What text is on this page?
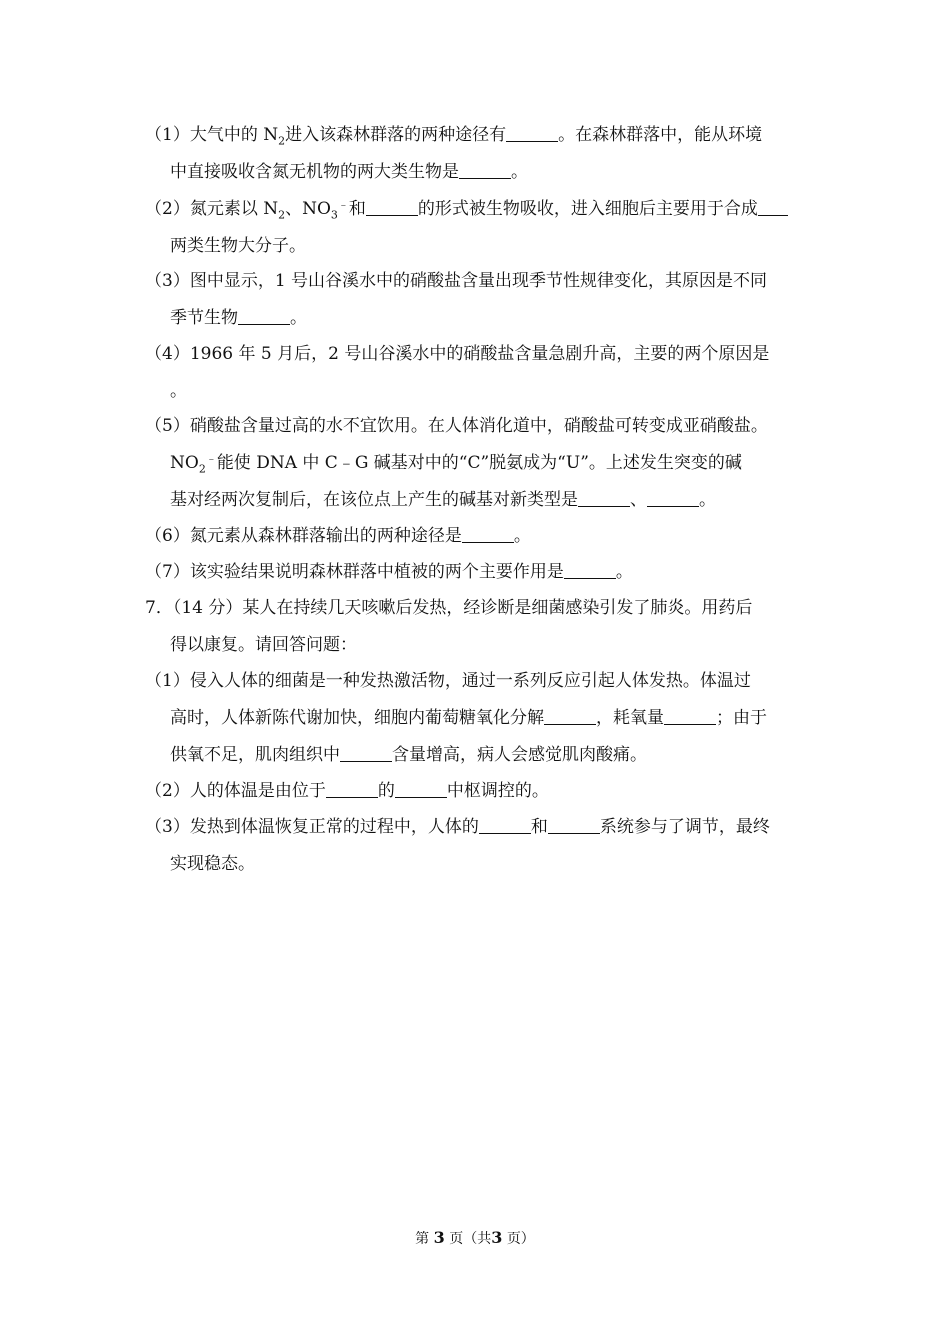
（1）大气中的 $N_2$进入该森林群落的两种途径有	。在森林群落中，能从环境
中直接吸收含氮无机物的两大类生物是	。
（2）氮元素以 $N_2$、$NO_3^﹣$和	的形式被生物吸收，进入细胞后主要用于合成
两类生物大分子。
（3）图中显示，1 号山谷溪水中的硝酸盐含量出现季节性规律变化，其原因是不同
季节生物	。
（4）1966 年 5 月后，2 号山谷溪水中的硝酸盐含量急剧升高，主要的两个原因是
。
（5）硝酸盐含量过高的水不宜饮用。在人体消化道中，硝酸盐可转变成亚硝酸盐。
$NO_2^﹣$能使 DNA 中 C﹣G 碱基对中的“C”脱氨成为“U”。上述发生突变的碱
基对经两次复制后，在该位点上产生的碱基对新类型是	、	。
（6）氮元素从森林群落输出的两种途径是	。
（7）该实验结果说明森林群落中植被的两个主要作用是	。
7．（14 分）某人在持续几天咳嗽后发热，经诊断是细菌感染引发了肺炎。用药后
得以康复。请回答问题：
（1）侵入人体的细菌是一种发热激活物，通过一系列反应引起人体发热。体温过
高时，人体新陈代谢加快，细胞内葡萄糖氧化分解	，耗氧量	；由于
供氧不足，肌肉组织中	含量增高，病人会感觉肌肉酸痛。
（2）人的体温是由位于	的	中枢调控的。
（3）发热到体温恢复正常的过程中，人体的	和	系统参与了调节，最终
实现稳态。
第 3 页（共3 页）
